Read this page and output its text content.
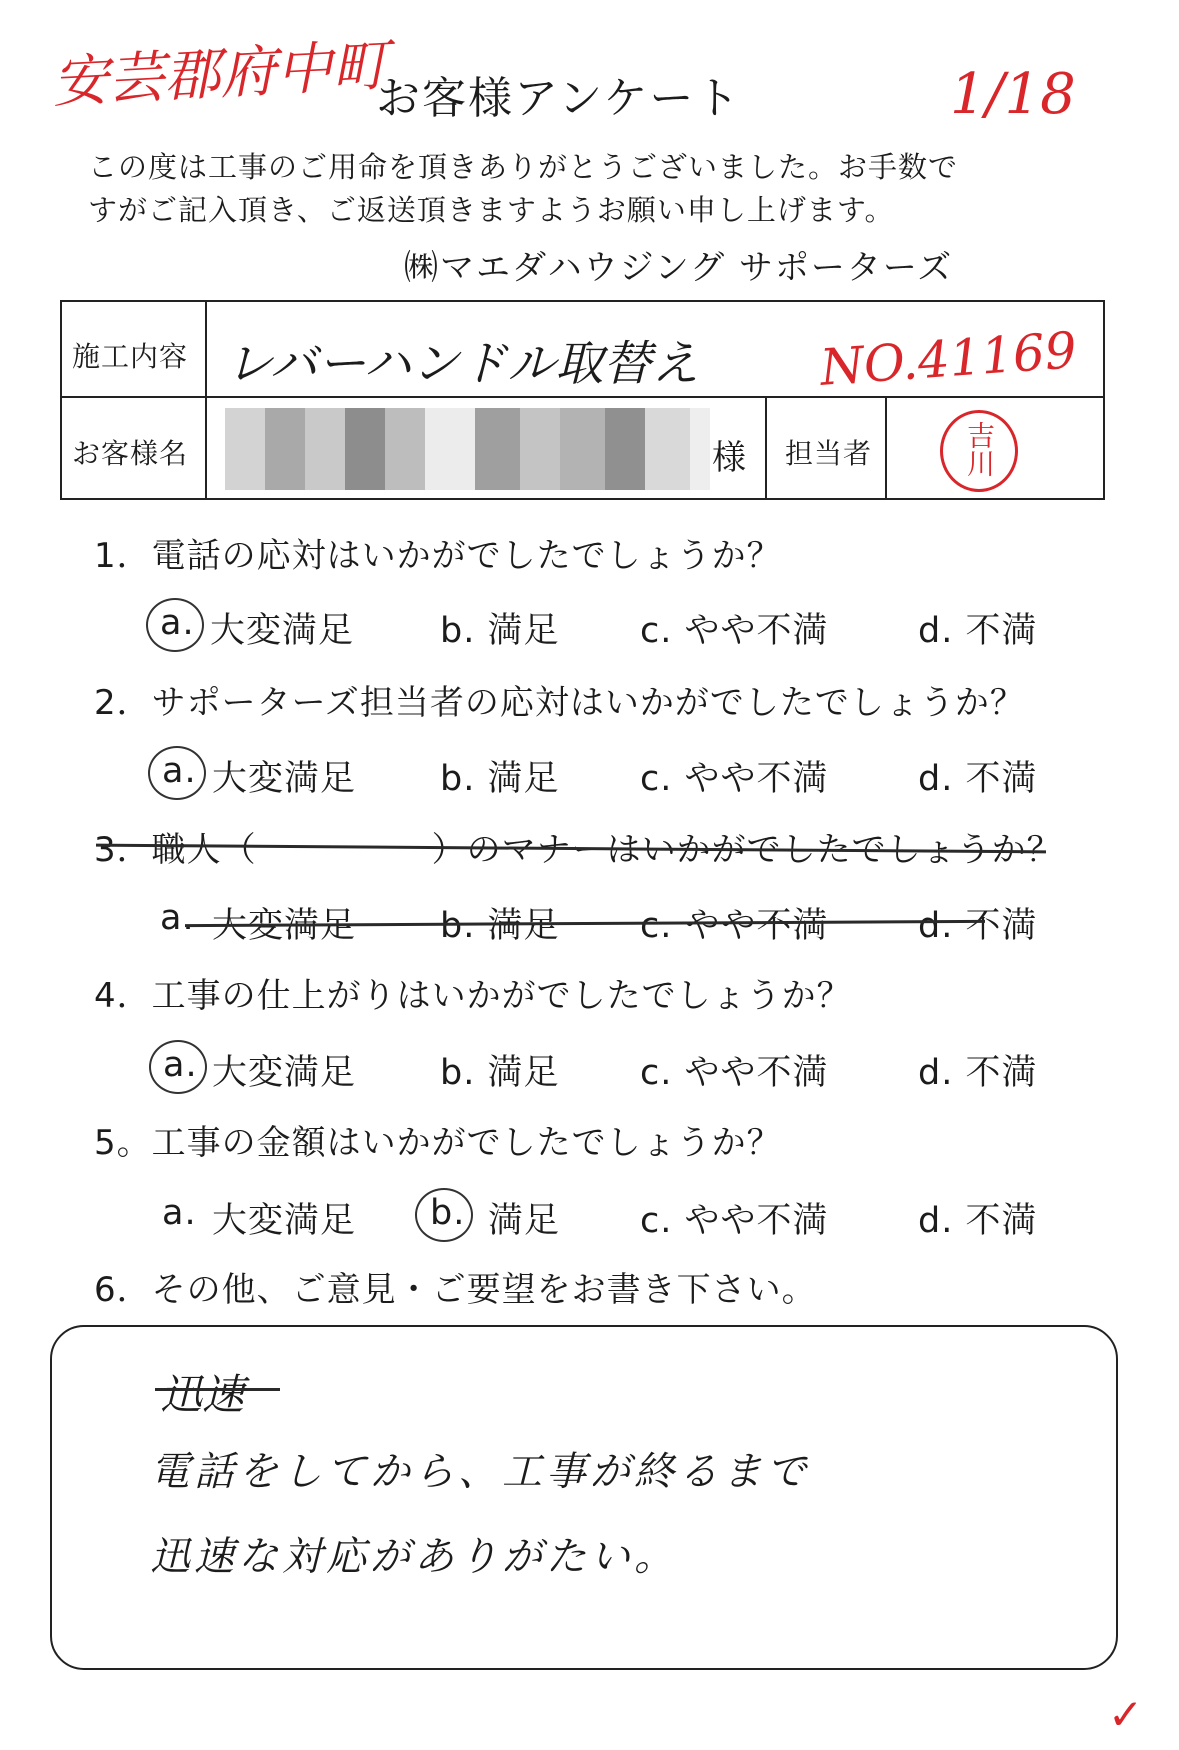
安芸郡府中町
お客様アンケート	1/18
この度は工事のご用命を頂きありがとうございました。お手数で
すがご記入頂き、ご返送頂きますようお願い申し上げます。
㈱マエダハウジング サポーターズ
施工内容 レバーハンドル取替え NO.41169
お客様名	様 担当者	吉川
1．電話の応対はいかがでしたでしょうか？
a. 大変満足 b. 満足 c. やや不満	d. 不満
2．サポーターズ担当者の応対はいかがでしたでしょうか？
a. 大変満足 b. 満足 c. やや不満	d. 不満
3．職人（　　　　　）のマナーはいかがでしたでしょうか？
a. 大変満足 b. 満足 c. やや不満	d. 不満
4．工事の仕上がりはいかがでしたでしょうか？
a. 大変満足 b. 満足 c. やや不満	d. 不満
5。工事の金額はいかがでしたでしょうか？
a. 大変満足 b. 満足 c. やや不満	d. 不満
6．その他、ご意見・ご要望をお書き下さい。
迅速
電話をしてから、工事が終るまで
迅速な対応がありがたい。
✓
